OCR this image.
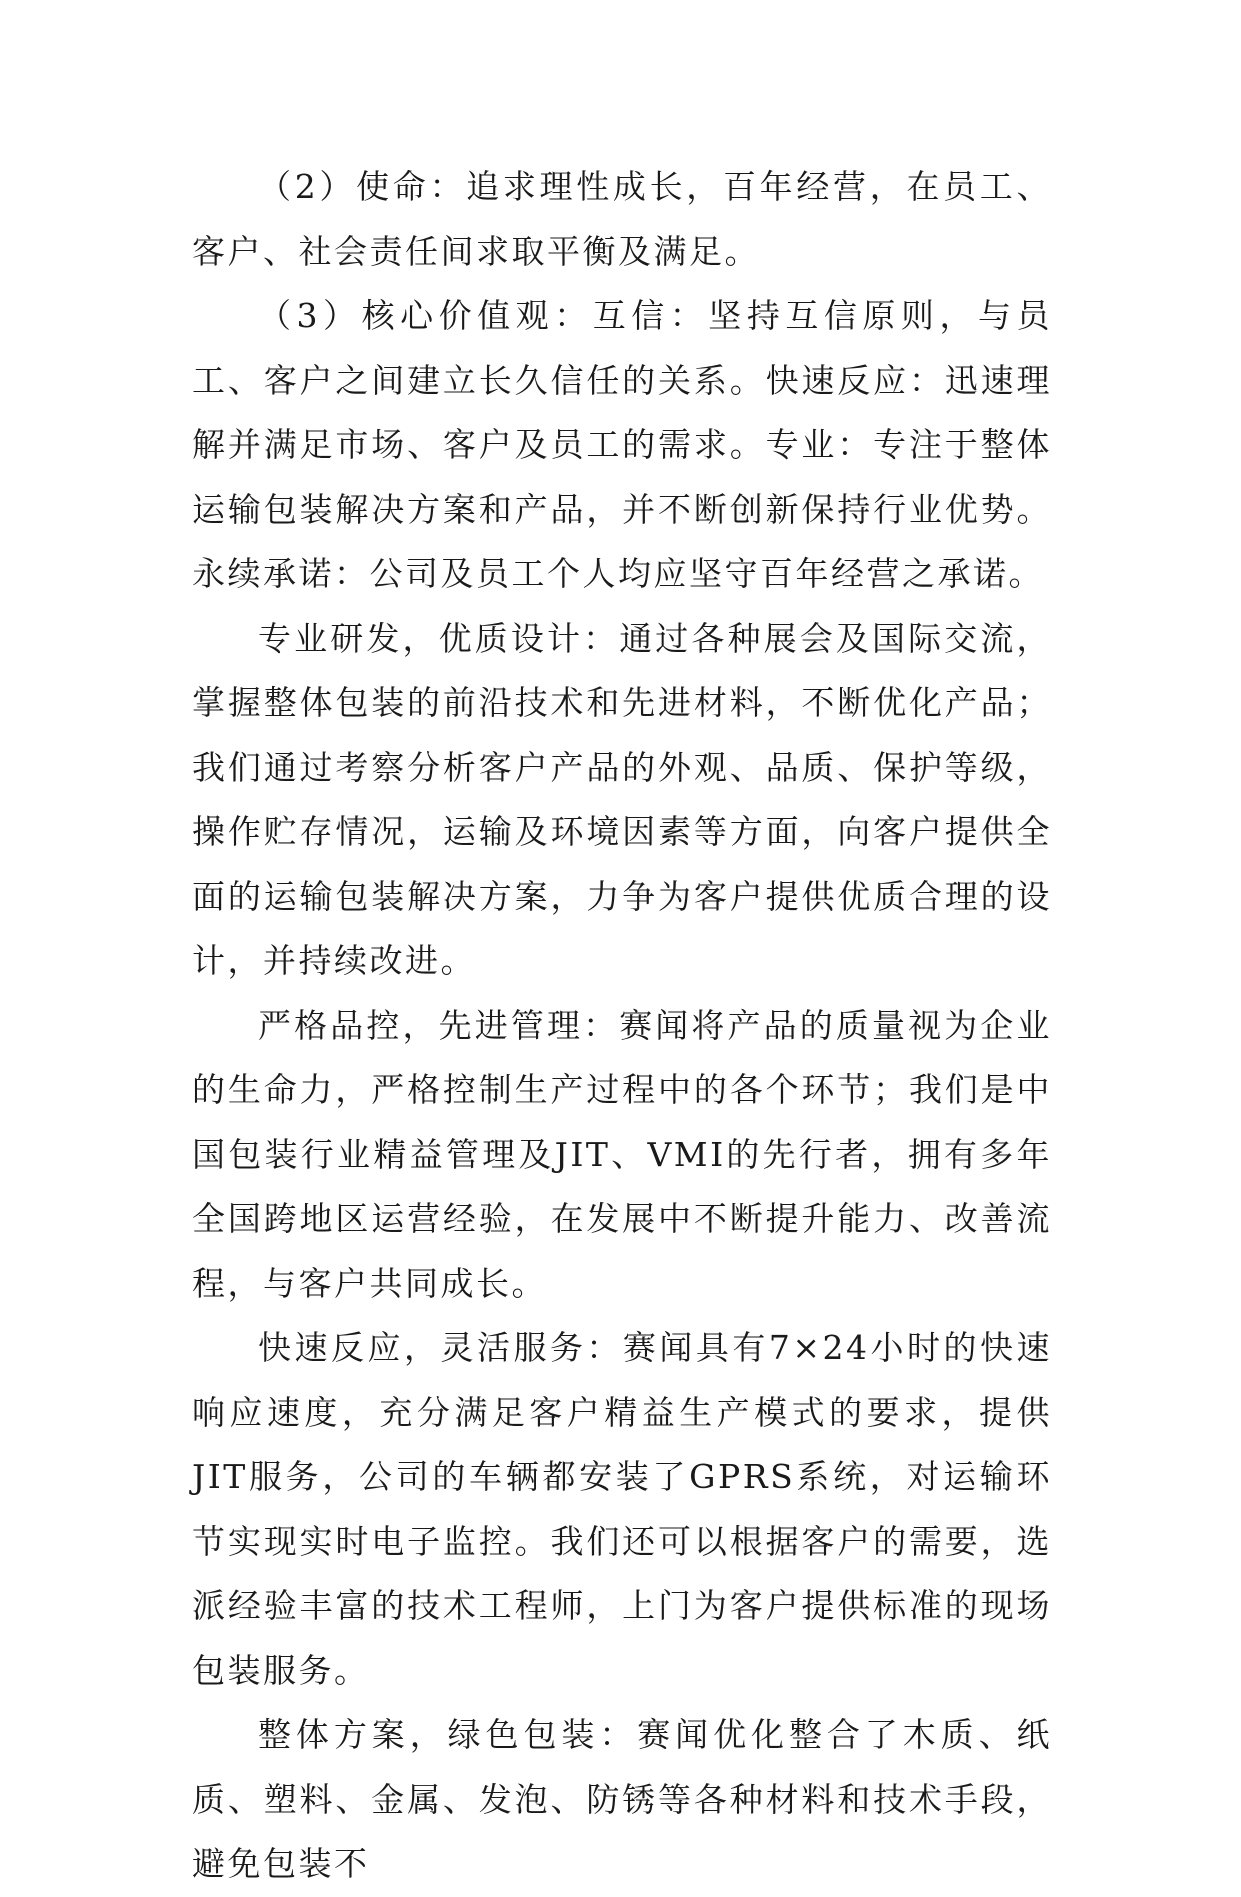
（2）使命：追求理性成长，百年经营，在员工、客户、社会责任间求取平衡及满足。

（3）核心价值观：互信：坚持互信原则，与员工、客户之间建立长久信任的关系。快速反应：迅速理解并满足市场、客户及员工的需求。专业：专注于整体运输包装解决方案和产品，并不断创新保持行业优势。永续承诺：公司及员工个人均应坚守百年经营之承诺。

专业研发，优质设计：通过各种展会及国际交流，掌握整体包装的前沿技术和先进材料，不断优化产品；我们通过考察分析客户产品的外观、品质、保护等级，操作贮存情况，运输及环境因素等方面，向客户提供全面的运输包装解决方案，力争为客户提供优质合理的设计，并持续改进。

严格品控，先进管理：赛闻将产品的质量视为企业的生命力，严格控制生产过程中的各个环节；我们是中国包装行业精益管理及JIT、VMI的先行者，拥有多年全国跨地区运营经验，在发展中不断提升能力、改善流程，与客户共同成长。

快速反应，灵活服务：赛闻具有7×24小时的快速响应速度，充分满足客户精益生产模式的要求，提供JIT服务，公司的车辆都安装了GPRS系统，对运输环节实现实时电子监控。我们还可以根据客户的需要，选派经验丰富的技术工程师，上门为客户提供标准的现场包装服务。

整体方案，绿色包装：赛闻优化整合了木质、纸质、塑料、金属、发泡、防锈等各种材料和技术手段，避免包装不
